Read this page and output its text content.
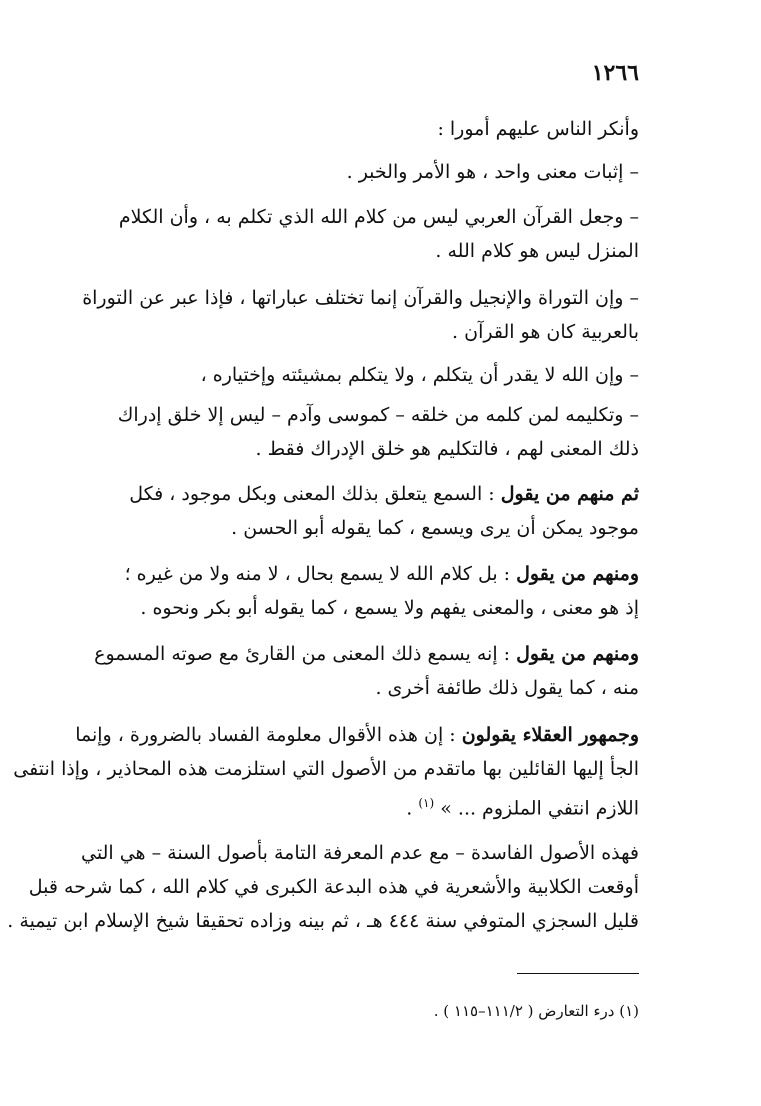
١٢٦٦
وأنكر الناس عليهم أمورا :
– إثبات معنى واحد ، هو الأمر والخبر .
– وجعل القرآن العربي ليس من كلام الله الذي تكلم به ، وأن الكلام
المنزل ليس هو كلام الله .
– وإن التوراة والإنجيل والقرآن إنما تختلف عباراتها ، فإذا عبر عن التوراة
بالعربية كان هو القرآن .
– وإن الله لا يقدر أن يتكلم ، ولا يتكلم بمشيئته وإختياره ،
– وتكليمه لمن كلمه من خلقه – كموسى وآدم – ليس إلا خلق إدراك
ذلك المعنى لهم ، فالتكليم هو خلق الإدراك فقط .
ثم منهم من يقول : السمع يتعلق بذلك المعنى وبكل موجود ، فكل
موجود يمكن أن يرى ويسمع ، كما يقوله أبو الحسن .
ومنهم من يقول : بل كلام الله لا يسمع بحال ، لا منه ولا من غيره ؛
إذ هو معنى ، والمعنى يفهم ولا يسمع ، كما يقوله أبو بكر ونحوه .
ومنهم من يقول : إنه يسمع ذلك المعنى من القارئ مع صوته المسموع
منه ، كما يقول ذلك طائفة أخرى .
وجمهور العقلاء يقولون : إن هذه الأقوال معلومة الفساد بالضرورة ، وإنما
الجأ إليها القائلين بها ماتقدم من الأصول التي استلزمت هذه المحاذير ، وإذا انتفى
اللازم انتفي الملزوم ... » $^{(١)}$ .
فهذه الأصول الفاسدة – مع عدم المعرفة التامة بأصول السنة – هي التي
أوقعت الكلابية والأشعرية في هذه البدعة الكبرى في كلام الله ، كما شرحه قبل
قليل السجزي المتوفي سنة ٤٤٤ هـ ، ثم بينه وزاده تحقيقا شيخ الإسلام ابن تيمية .
(١) درء التعارض ( ١١١/٢–١١٥ ) .
